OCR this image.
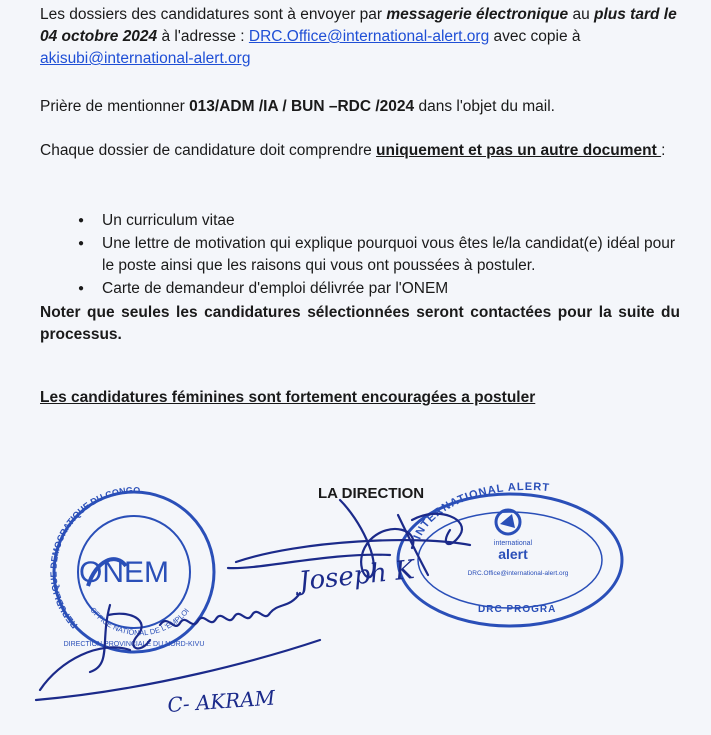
Les dossiers des candidatures sont à envoyer par messagerie électronique au plus tard le 04 octobre 2024 à l'adresse : DRC.Office@international-alert.org avec copie à akisubi@international-alert.org

Prière de mentionner 013/ADM /IA / BUN –RDC /2024 dans l'objet du mail.

Chaque dossier de candidature doit comprendre uniquement et pas un autre document :

● Un curriculum vitae
● Une lettre de motivation qui explique pourquoi vous êtes le/la candidat(e) idéal pour le poste ainsi que les raisons qui vous ont poussées à postuler.
● Carte de demandeur d'emploi délivrée par l'ONEM

Noter que seules les candidatures sélectionnées seront contactées pour la suite du processus.

Les candidatures féminines sont fortement encouragées a postuler

LA DIRECTION
REPUBLIQUE DEMOCRATIQUE DU CONGO
OFFICE NATIONAL DE L'EMPLOI
ONEM
DIRECTION PROVINCIALE DU NORD-KIVU
INTERNATIONAL ALERT
international
alert
DRC.Office@international-alert.org
DRC PROGRA
Joseph K
C- AKRAM
